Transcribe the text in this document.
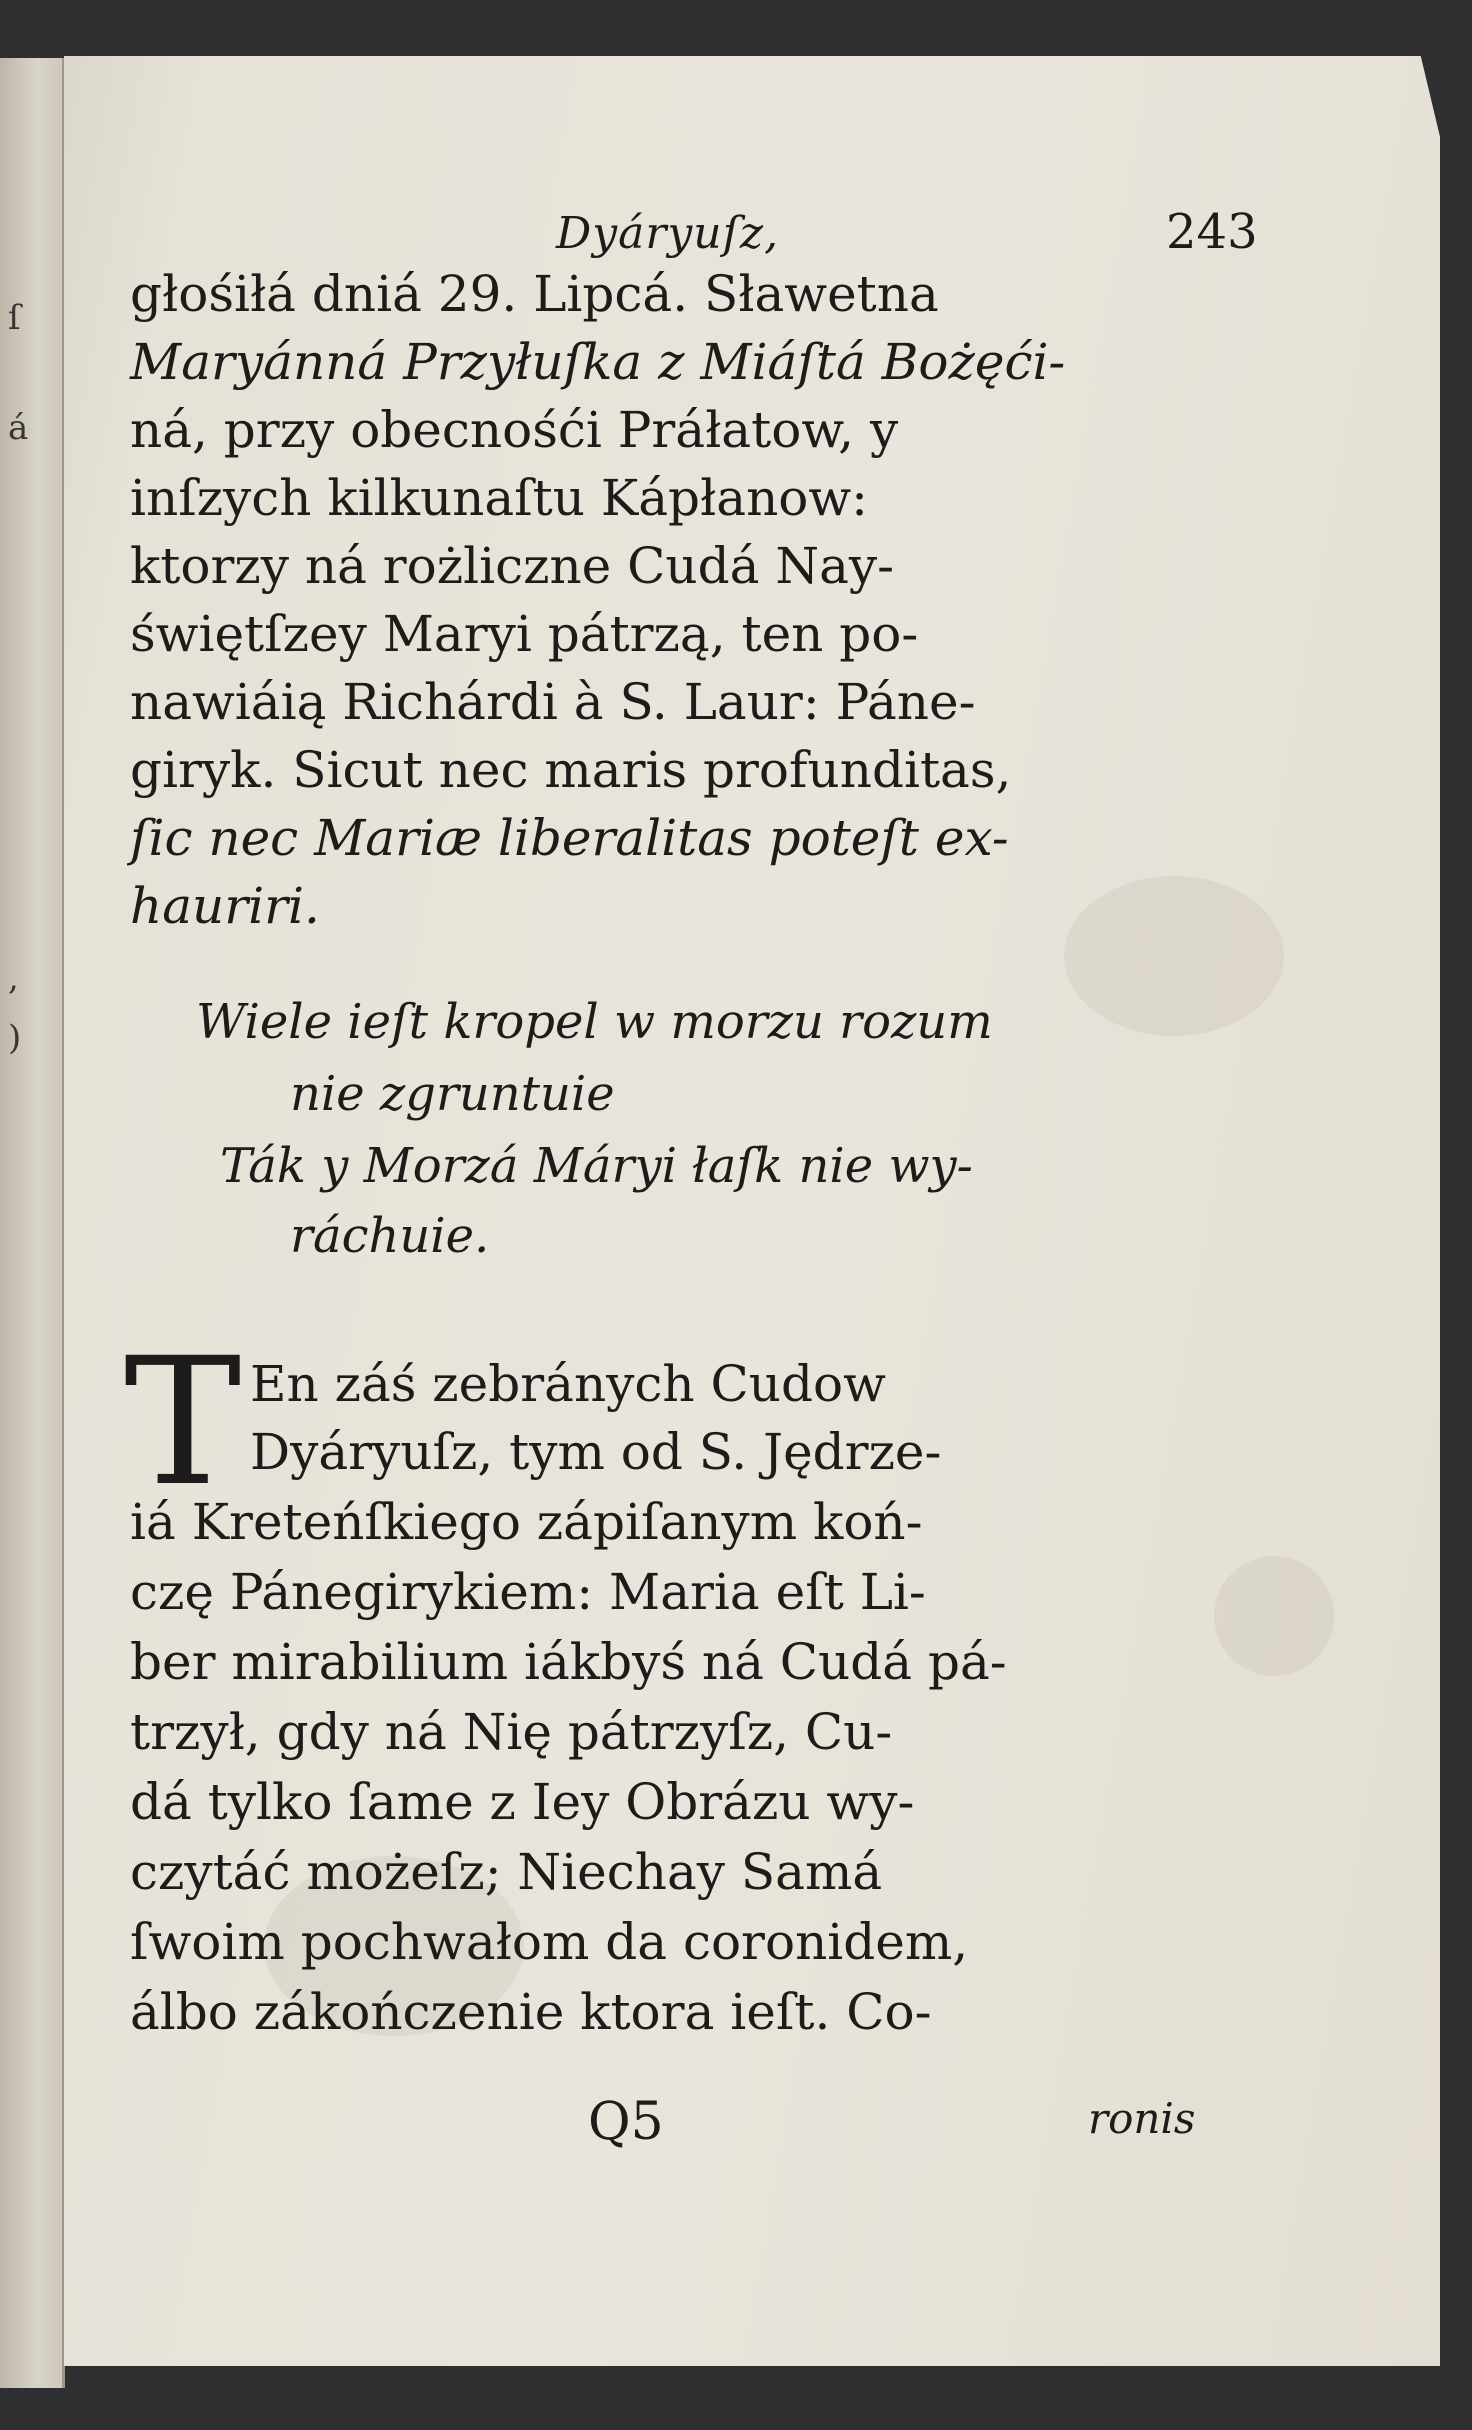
ſ
á
,
)
Dyáryuſz,	243
głośiłá dniá 29. Lipcá. Sławetna
Maryánná Przyłuſka z Miáſtá Bożęći-
ná, przy obecnośći Práłatow, y
inſzych kilkunaſtu Kápłanow:
ktorzy ná rożliczne Cudá Nay-
świętſzey Maryi pátrzą, ten po-
nawiáią Richárdi à S. Laur: Páne-
giryk. Sicut nec maris profunditas,
ſic nec Mariæ liberalitas poteſt ex-
hauriri.
Wiele ieſt kropel w morzu rozum
nie zgruntuie
Ták y Morzá Máryi łaſk nie wy-
ráchuie.
T En záś zebránych Cudow
Dyáryuſz, tym od S. Jędrze-
iá Kreteńſkiego zápiſanym koń-
czę Pánegirykiem: Maria eſt Li-
ber mirabilium iákbyś ná Cudá pá-
trzył, gdy ná Nię pátrzyſz, Cu-
dá tylko ſame z Iey Obrázu wy-
czytáć możeſz; Niechay Samá
ſwoim pochwałom da coronidem,
álbo zákończenie ktora ieſt. Co-
Q5	ronis
